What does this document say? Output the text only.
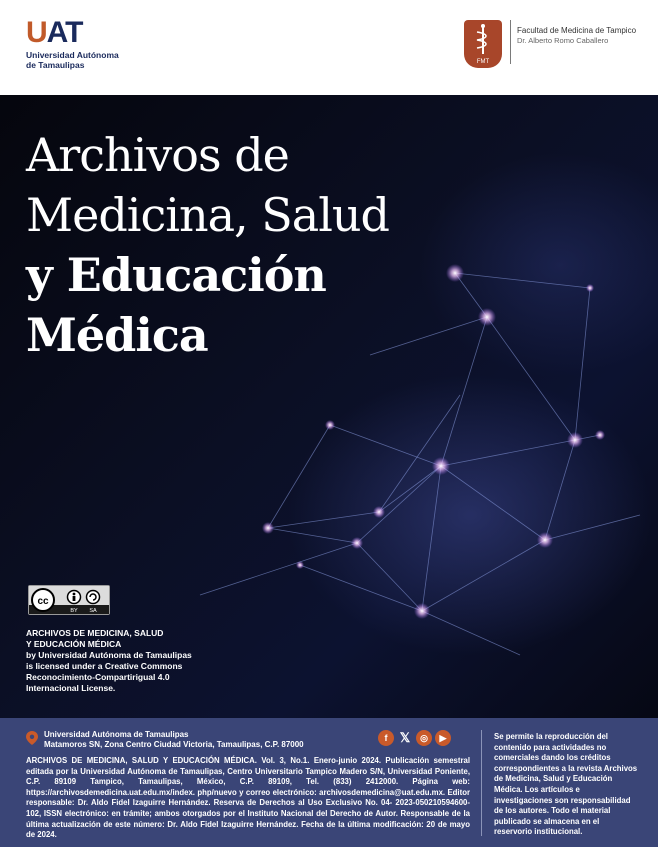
UAT
Universidad Autónoma
de Tamaulipas	FMT
Facultad de Medicina de Tampico
Dr. Alberto Romo Caballero
Archivos de
Medicina, Salud
y Educación
Médica
cc
BY SA
ARCHIVOS DE MEDICINA, SALUD
Y EDUCACIÓN MÉDICA
by Universidad Autónoma de Tamaulipas
is licensed under a Creative Commons
Reconocimiento-Compartirigual 4.0
Internacional License.
Universidad Autónoma de Tamaulipas
Matamoros SN, Zona Centro Ciudad Victoria, Tamaulipas, C.P. 87000
f 𝕏	◎	▶
ARCHIVOS DE MEDICINA, SALUD Y EDUCACIÓN MÉDICA. Vol. 3, No.1. Enero-junio 2024. Publicación semestral editada por la Universidad Autónoma de Tamaulipas, Centro Universitario Tampico Madero S/N, Universidad Poniente, C.P. 89109 Tampico, Tamaulipas, México, C.P. 89109, Tel. (833) 2412000. Página web: https://archivosdemedicina.uat.edu.mx/index. php/nuevo y correo electrónico: archivosdemedicina@uat.edu.mx. Editor responsable: Dr. Aldo Fidel Izaguirre Hernández. Reserva de Derechos al Uso Exclusivo No. 04- 2023-050210594600-102, ISSN electrónico: en trámite; ambos otorgados por el Instituto Nacional del Derecho de Autor. Responsable de la última actualización de este número: Dr. Aldo Fidel Izaguirre Hernández. Fecha de la última modificación: 20 de mayo de 2024.
Se permite la reproducción del contenido para actividades no comerciales dando los créditos correspondientes a la revista Archivos de Medicina, Salud y Educación Médica. Los artículos e investigaciones son responsabilidad de los autores. Todo el material publicado se almacena en el reservorio institucional.
